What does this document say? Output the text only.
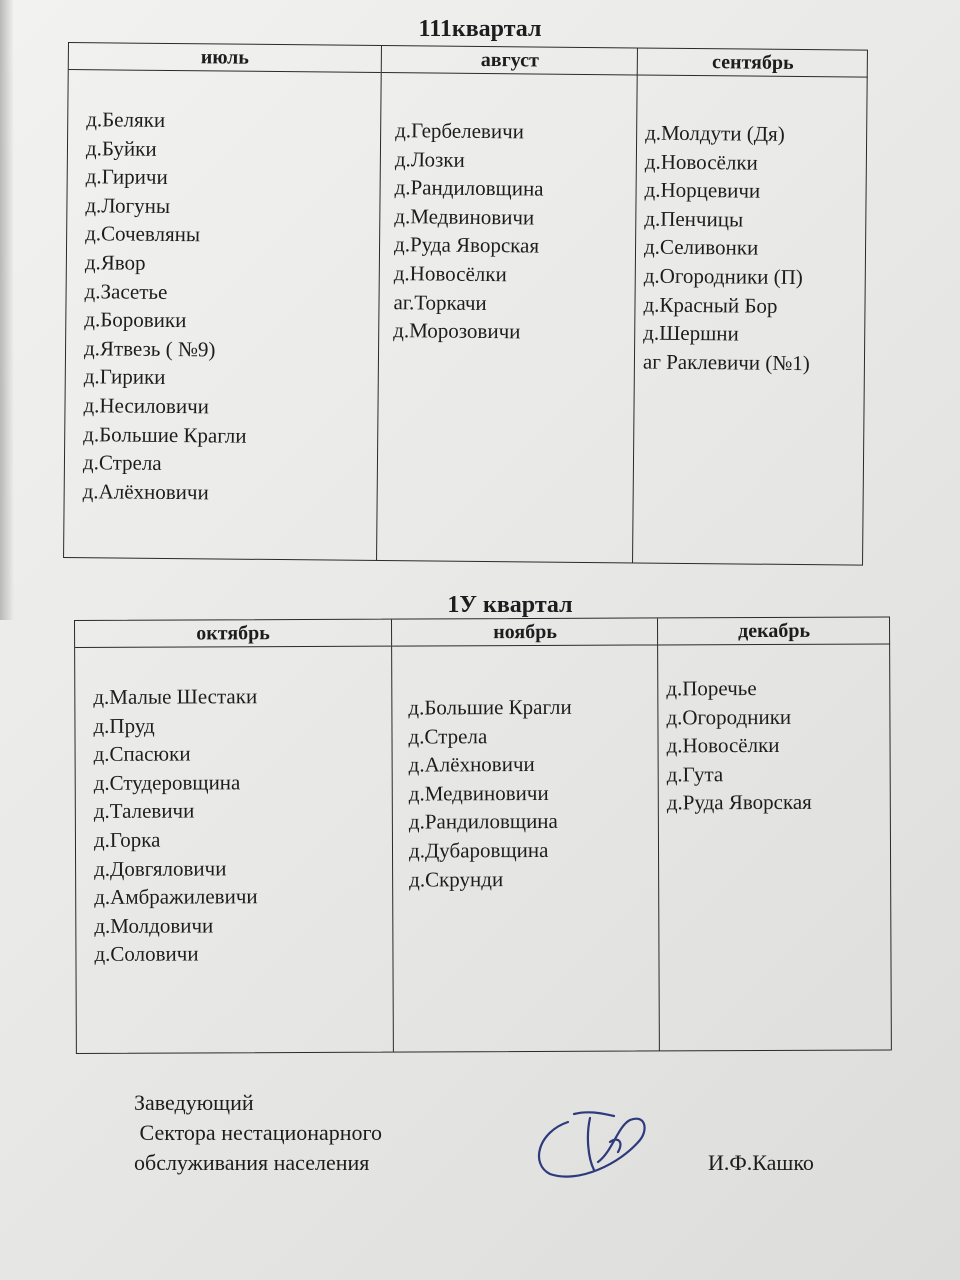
111квартал
июль
д.Беляки
д.Буйки
д.Гиричи
д.Логуны
д.Сочевляны
д.Явор
д.Засетье
д.Боровики
д.Ятвезь ( №9)
д.Гирики
д.Несиловичи
д.Большие Крагли
д.Стрела
д.Алёхновичи
август
д.Гербелевичи
д.Лозки
д.Рандиловщина
д.Медвиновичи
д.Руда Яворская
д.Новосёлки
аг.Торкачи
д.Морозовичи
сентябрь
д.Молдути (Дя)
д.Новосёлки
д.Норцевичи
д.Пенчицы
д.Селивонки
д.Огородники (П)
д.Красный Бор
д.Шершни
аг Раклевичи (№1)
1У квартал
октябрь
д.Малые Шестаки
д.Пруд
д.Спасюки
д.Студеровщина
д.Талевичи
д.Горка
д.Довгяловичи
д.Амбражилевичи
д.Молдовичи
д.Соловичи
ноябрь
д.Большие Крагли
д.Стрела
д.Алёхновичи
д.Медвиновичи
д.Рандиловщина
д.Дубаровщина
д.Скрунди
декабрь
д.Поречье
д.Огородники
д.Новосёлки
д.Гута
д.Руда Яворская
Заведующий
Сектора нестационарного
обслуживания населения	И.Ф.Кашко
